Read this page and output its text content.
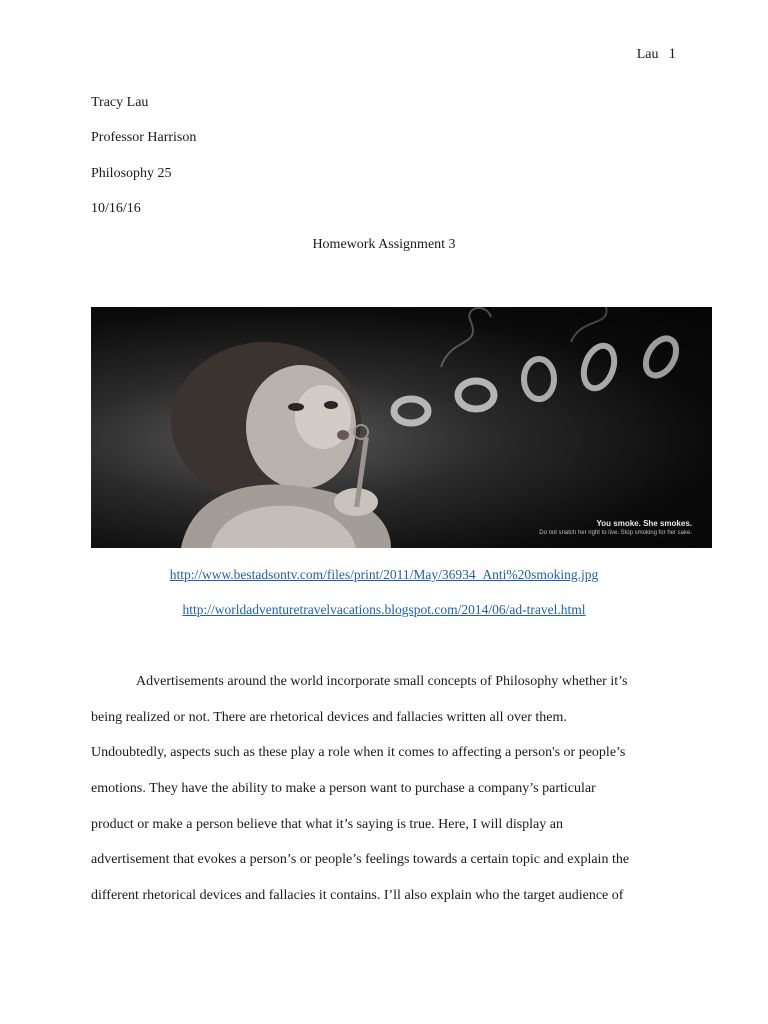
Lau 1
Tracy Lau
Professor Harrison
Philosophy 25
10/16/16
Homework Assignment 3
You smoke. She smokes.
Do not snatch her right to live. Stop smoking for her sake.
http://www.bestadsontv.com/files/print/2011/May/36934_Anti%20smoking.jpg
http://worldadventuretravelvacations.blogspot.com/2014/06/ad-travel.html
Advertisements around the world incorporate small concepts of Philosophy whether it’s
being realized or not. There are rhetorical devices and fallacies written all over them.
Undoubtedly, aspects such as these play a role when it comes to affecting a person's or people’s
emotions. They have the ability to make a person want to purchase a company’s particular
product or make a person believe that what it’s saying is true. Here, I will display an
advertisement that evokes a person’s or people’s feelings towards a certain topic and explain the
different rhetorical devices and fallacies it contains. I’ll also explain who the target audience of
